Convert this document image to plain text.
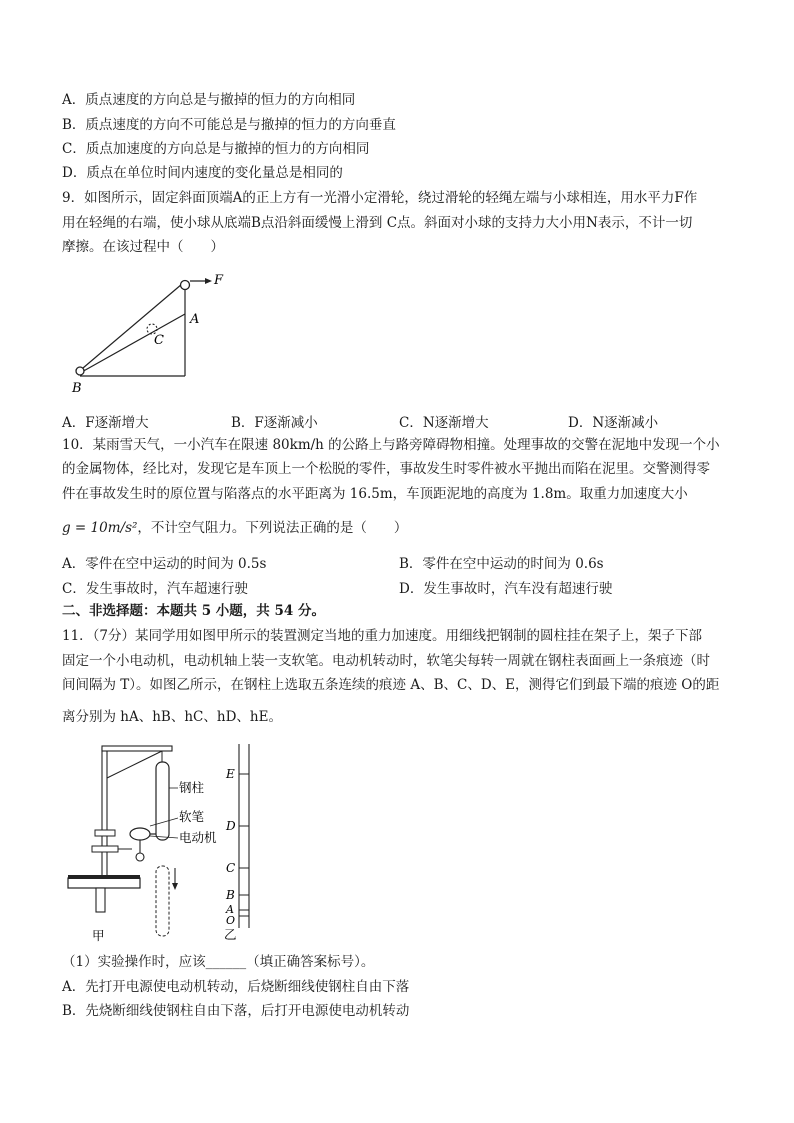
A．质点速度的方向总是与撤掉的恒力的方向相同
B．质点速度的方向不可能总是与撤掉的恒力的方向垂直
C．质点加速度的方向总是与撤掉的恒力的方向相同
D．质点在单位时间内速度的变化量总是相同的
9．如图所示，固定斜面顶端A的正上方有一光滑小定滑轮，绕过滑轮的轻绳左端与小球相连，用水平力F作
用在轻绳的右端，使小球从底端B点沿斜面缓慢上滑到 C点。斜面对小球的支持力大小用N表示，不计一切
摩擦。在该过程中（　　）
F
A
C
B
A．F逐渐增大	B．F逐渐减小	C．N逐渐增大	D．N逐渐减小
10．某雨雪天气，一小汽车在限速 80km/h 的公路上与路旁障碍物相撞。处理事故的交警在泥地中发现一个小
的金属物体，经比对，发现它是车顶上一个松脱的零件，事故发生时零件被水平抛出而陷在泥里。交警测得零
件在事故发生时的原位置与陷落点的水平距离为 16.5m，车顶距泥地的高度为 1.8m。取重力加速度大小
g = 10m/s²，不计空气阻力。下列说法正确的是（　　）
A．零件在空中运动的时间为 0.5s	B．零件在空中运动的时间为 0.6s
C．发生事故时，汽车超速行驶	D．发生事故时，汽车没有超速行驶
二、非选择题：本题共 5 小题，共 54 分。
11．（7分）某同学用如图甲所示的装置测定当地的重力加速度。用细线把钢制的圆柱挂在架子上，架子下部
固定一个小电动机，电动机轴上装一支软笔。电动机转动时，软笔尖每转一周就在钢柱表面画上一条痕迹（时
间间隔为 T）。如图乙所示，在钢柱上选取五条连续的痕迹 A、B、C、D、E，测得它们到最下端的痕迹 O的距
离分别为 hA、hB、hC、hD、hE。
钢柱
软笔
电动机
甲
E
D
C
B
A
O
乙
（1）实验操作时，应该______（填正确答案标号）。
A．先打开电源使电动机转动，后烧断细线使钢柱自由下落
B．先烧断细线使钢柱自由下落，后打开电源使电动机转动
